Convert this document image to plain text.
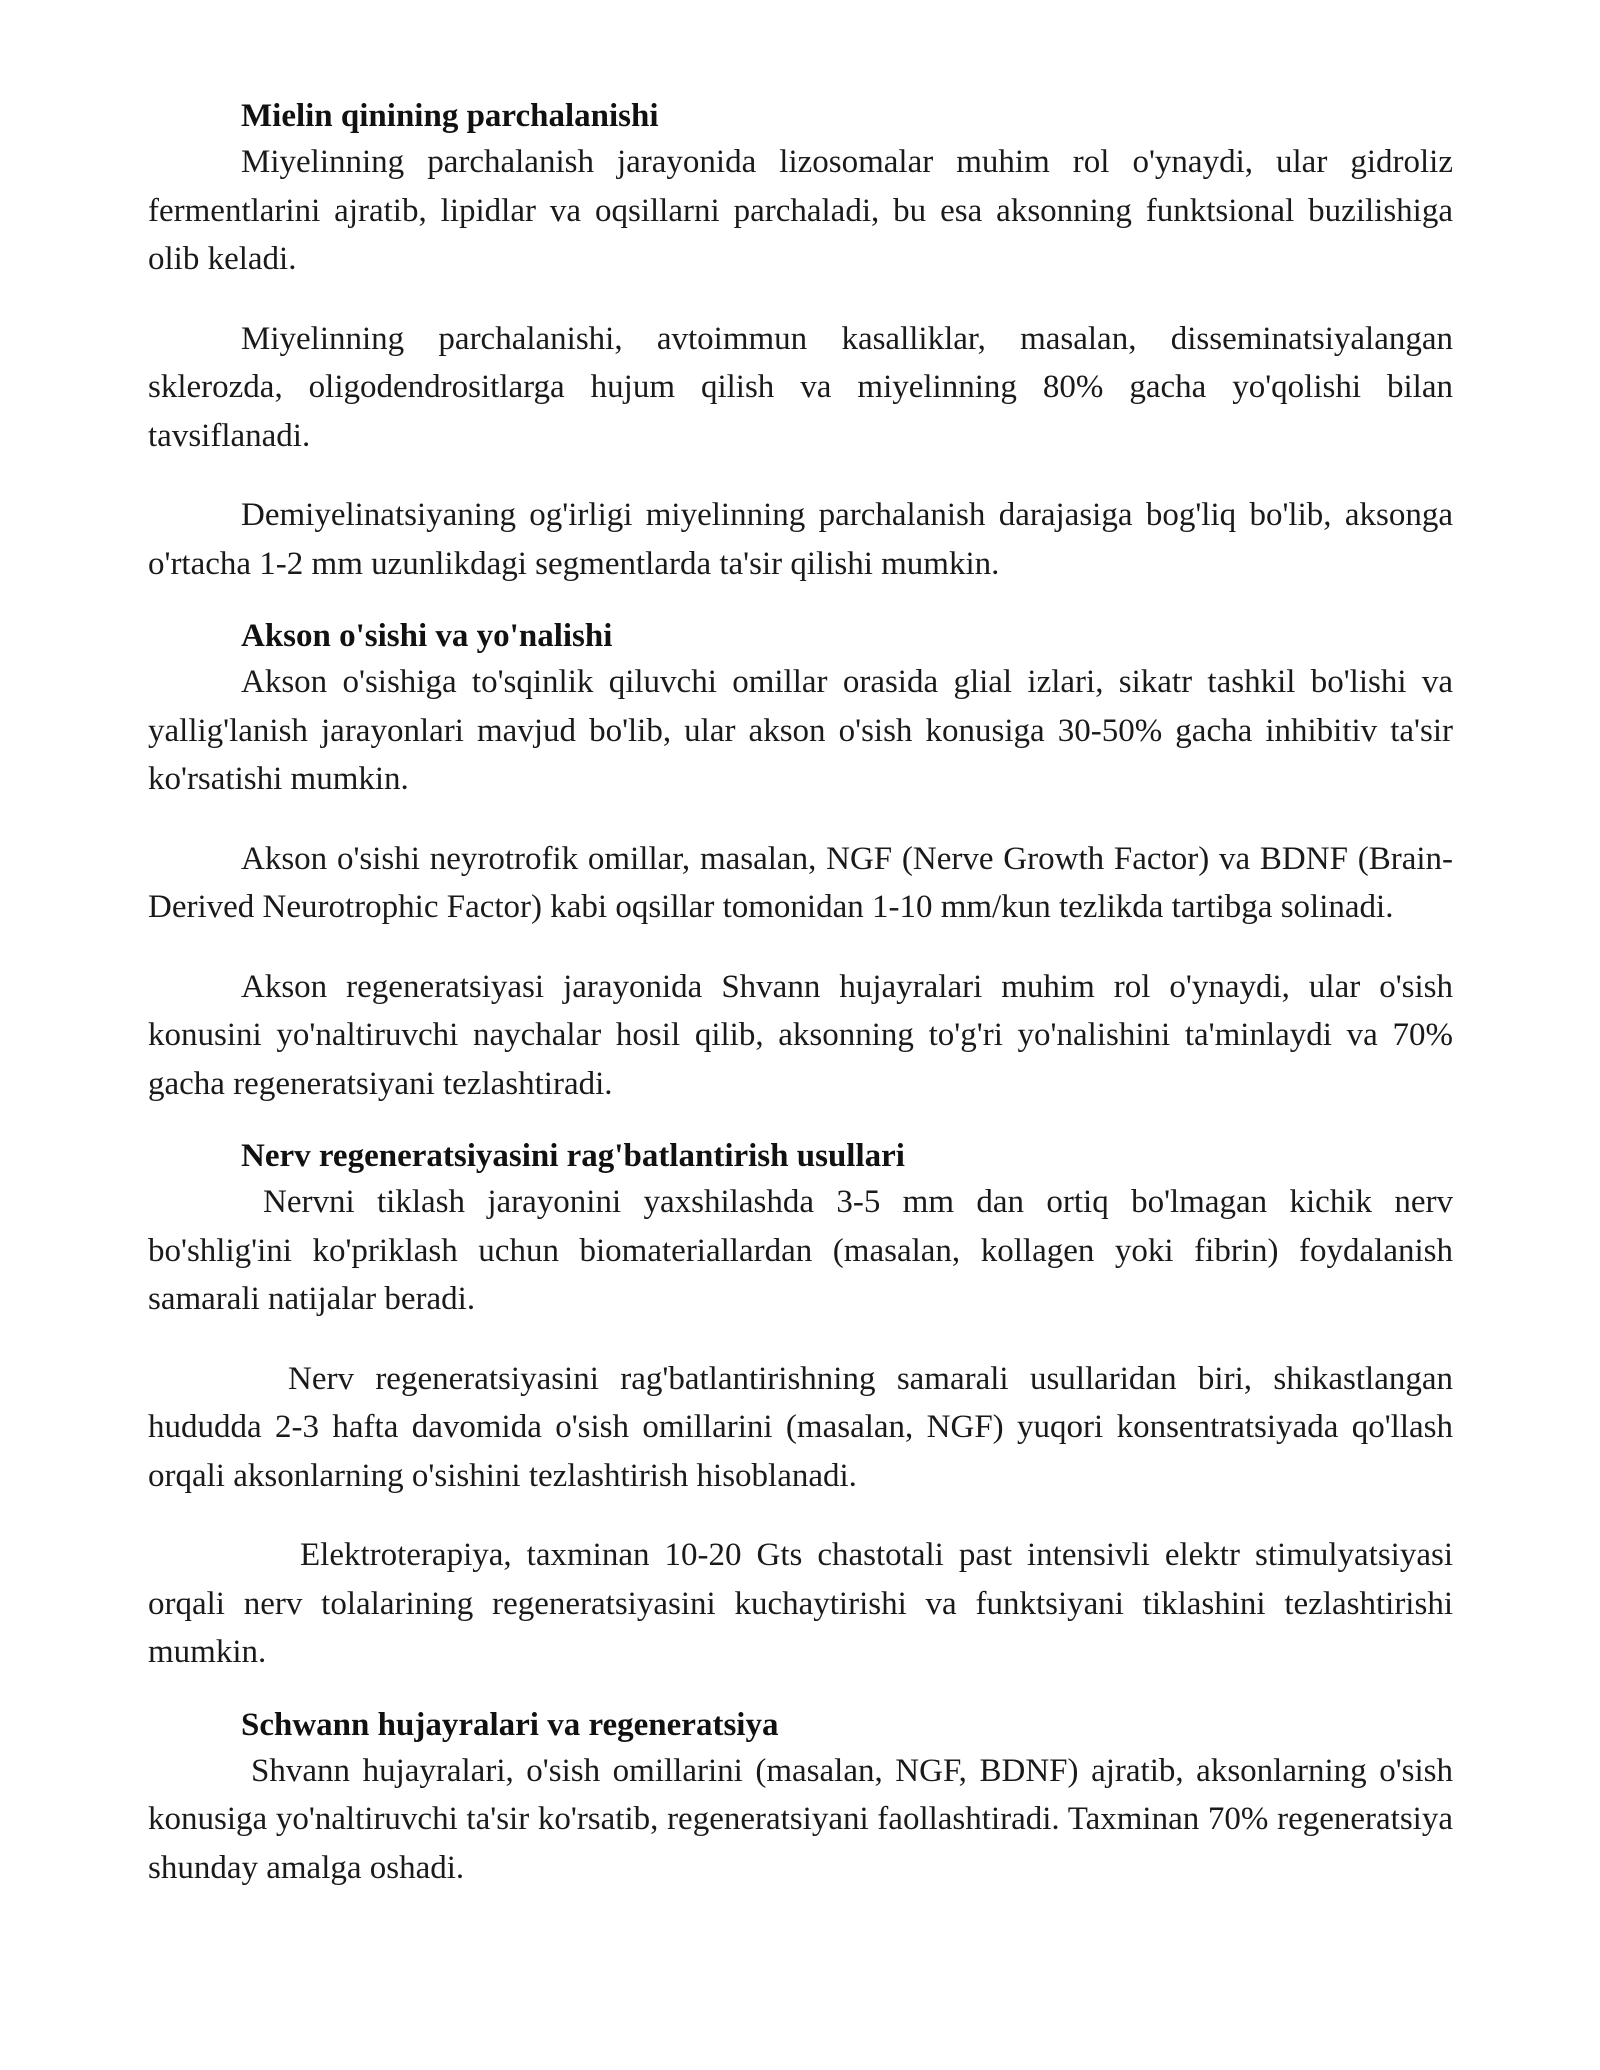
Mielin qinining parchalanishi

Miyelinning parchalanish jarayonida lizosomalar muhim rol o'ynaydi, ular gidroliz fermentlarini ajratib, lipidlar va oqsillarni parchaladi, bu esa aksonning funktsional buzilishiga olib keladi.

Miyelinning parchalanishi, avtoimmun kasalliklar, masalan, disseminatsiyalangan sklerozda, oligodendrositlarga hujum qilish va miyelinning 80% gacha yo'qolishi bilan tavsiflanadi.

Demiyelinatsiyaning og'irligi miyelinning parchalanish darajasiga bog'liq bo'lib, aksonga o'rtacha 1-2 mm uzunlikdagi segmentlarda ta'sir qilishi mumkin.

Akson o'sishi va yo'nalishi

Akson o'sishiga to'sqinlik qiluvchi omillar orasida glial izlari, sikatr tashkil bo'lishi va yallig'lanish jarayonlari mavjud bo'lib, ular akson o'sish konusiga 30-50% gacha inhibitiv ta'sir ko'rsatishi mumkin.

Akson o'sishi neyrotrofik omillar, masalan, NGF (Nerve Growth Factor) va BDNF (Brain-Derived Neurotrophic Factor) kabi oqsillar tomonidan 1-10 mm/kun tezlikda tartibga solinadi.

Akson regeneratsiyasi jarayonida Shvann hujayralari muhim rol o'ynaydi, ular o'sish konusini yo'naltiruvchi naychalar hosil qilib, aksonning to'g'ri yo'nalishini ta'minlaydi va 70% gacha regeneratsiyani tezlashtiradi.

Nerv regeneratsiyasini rag'batlantirish usullari

Nervni tiklash jarayonini yaxshilashda 3-5 mm dan ortiq bo'lmagan kichik nerv bo'shlig'ini ko'priklash uchun biomateriallardan (masalan, kollagen yoki fibrin) foydalanish samarali natijalar beradi.

Nerv regeneratsiyasini rag'batlantirishning samarali usullaridan biri, shikastlangan hududda 2-3 hafta davomida o'sish omillarini (masalan, NGF) yuqori konsentratsiyada qo'llash orqali aksonlarning o'sishini tezlashtirish hisoblanadi.

Elektroterapiya, taxminan 10-20 Gts chastotali past intensivli elektr stimulyatsiyasi orqali nerv tolalarining regeneratsiyasini kuchaytirishi va funktsiyani tiklashini tezlashtirishi mumkin.

Schwann hujayralari va regeneratsiya

Shvann hujayralari, o'sish omillarini (masalan, NGF, BDNF) ajratib, aksonlarning o'sish konusiga yo'naltiruvchi ta'sir ko'rsatib, regeneratsiyani faollashtiradi. Taxminan 70% regeneratsiya shunday amalga oshadi.
